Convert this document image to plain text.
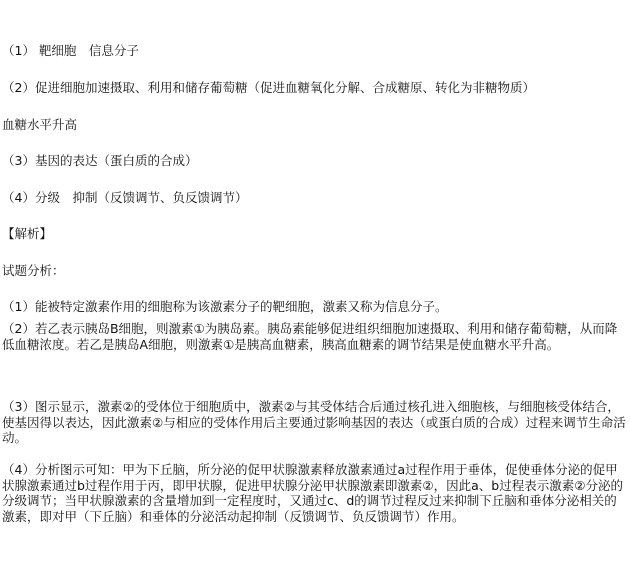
（1） 靶细胞　信息分子
（2）促进细胞加速摄取、利用和储存葡萄糖（促进血糖氧化分解、合成糖原、转化为非糖物质）
血糖水平升高
（3）基因的表达（蛋白质的合成）
（4）分级　抑制（反馈调节、负反馈调节）
【解析】
试题分析：
（1）能被特定激素作用的细胞称为该激素分子的靶细胞，激素又称为信息分子。
（2）若乙表示胰岛B细胞，则激素①为胰岛素。胰岛素能够促进组织细胞加速摄取、利用和储存葡萄糖，从而降低血糖浓度。若乙是胰岛A细胞，则激素①是胰高血糖素，胰高血糖素的调节结果是使血糖水平升高。
（3）图示显示，激素②的受体位于细胞质中，激素②与其受体结合后通过核孔进入细胞核，与细胞核受体结合，使基因得以表达，因此激素②与相应的受体作用后主要通过影响基因的表达（或蛋白质的合成）过程来调节生命活动。
（4）分析图示可知：甲为下丘脑，所分泌的促甲状腺激素释放激素通过a过程作用于垂体，促使垂体分泌的促甲状腺激素通过b过程作用于丙，即甲状腺，促进甲状腺分泌甲状腺激素即激素②，因此a、b过程表示激素②分泌的分级调节；当甲状腺激素的含量增加到一定程度时，又通过c、d的调节过程反过来抑制下丘脑和垂体分泌相关的激素，即对甲（下丘脑）和垂体的分泌活动起抑制（反馈调节、负反馈调节）作用。
